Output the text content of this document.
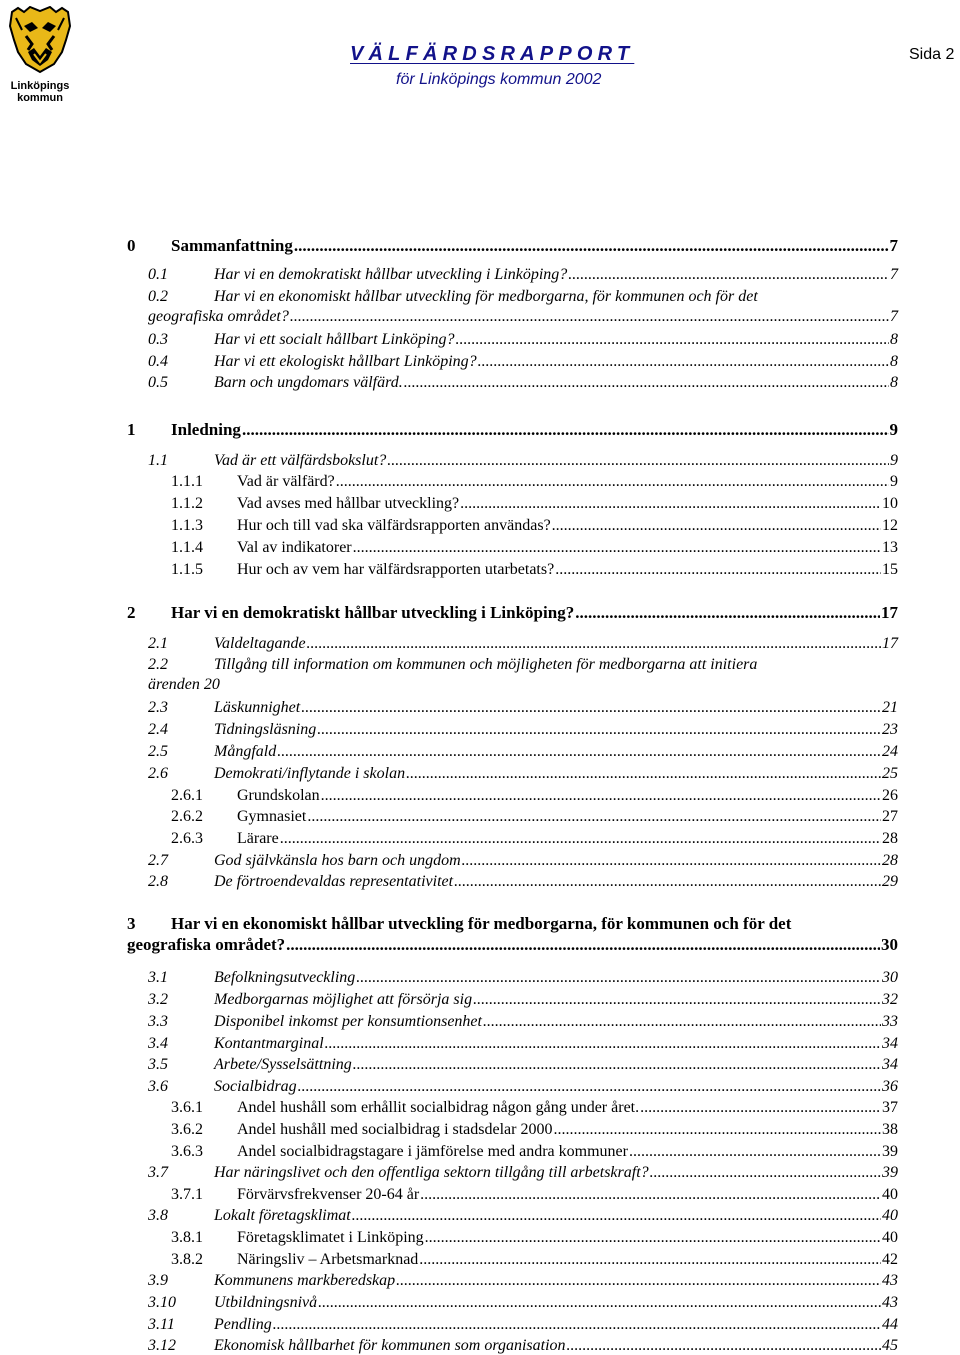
Linköpings kommun
VÄLFÄRDSRAPPORT
för Linköpings kommun 2002
Sida 2
0	Sammanfattning .....	7
0.1	Har vi en demokratiskt hållbar utveckling i Linköping? .....	7
0.2	Har vi en ekonomiskt hållbar utveckling för medborgarna, för kommunen och för det
geografiska området? .....	7
0.3	Har vi ett socialt hållbart Linköping? .....	8
0.4	Har vi ett ekologiskt hållbart Linköping? .....	8
0.5	Barn och ungdomars välfärd. .....	8
1	Inledning .....	9
1.1	Vad är ett välfärdsbokslut? .....	9
1.1.1	Vad är välfärd? .....	9
1.1.2	Vad avses med hållbar utveckling? .....	10
1.1.3	Hur och till vad ska välfärdsrapporten användas? .....	12
1.1.4	Val av indikatorer .....	13
1.1.5	Hur och av vem har välfärdsrapporten utarbetats? .....	15
2	Har vi en demokratiskt hållbar utveckling i Linköping? .....	17
2.1	Valdeltagande .....	17
2.2	Tillgång till information om kommunen och möjligheten för medborgarna att initiera
ärenden 20
2.3	Läskunnighet .....	21
2.4	Tidningsläsning .....	23
2.5	Mångfald .....	24
2.6	Demokrati/inflytande i skolan .....	25
2.6.1	Grundskolan .....	26
2.6.2	Gymnasiet .....	27
2.6.3	Lärare .....	28
2.7	God självkänsla hos barn och ungdom .....	28
2.8	De förtroendevaldas representativitet .....	29
3 Har vi en ekonomiskt hållbar utveckling för medborgarna, för kommunen och för det
geografiska området? .....	30
3.1	Befolkningsutveckling .....	30
3.2	Medborgarnas möjlighet att försörja sig .....	32
3.3	Disponibel inkomst per konsumtionsenhet .....	33
3.4	Kontantmarginal .....	34
3.5	Arbete/Sysselsättning .....	34
3.6	Socialbidrag .....	36
3.6.1	Andel hushåll som erhållit socialbidrag någon gång under året. .....	37
3.6.2	Andel hushåll med socialbidrag i stadsdelar 2000 .....	38
3.6.3	Andel socialbidragstagare i jämförelse med andra kommuner .....	39
3.7	Har näringslivet och den offentliga sektorn tillgång till arbetskraft? .....	39
3.7.1	Förvärvsfrekvenser 20-64 år .....	40
3.8	Lokalt företagsklimat .....	40
3.8.1	Företagsklimatet i Linköping .....	40
3.8.2	Näringsliv – Arbetsmarknad .....	42
3.9	Kommunens markberedskap .....	43
3.10	Utbildningsnivå .....	43
3.11	Pendling .....	44
3.12	Ekonomisk hållbarhet för kommunen som organisation .....	45
